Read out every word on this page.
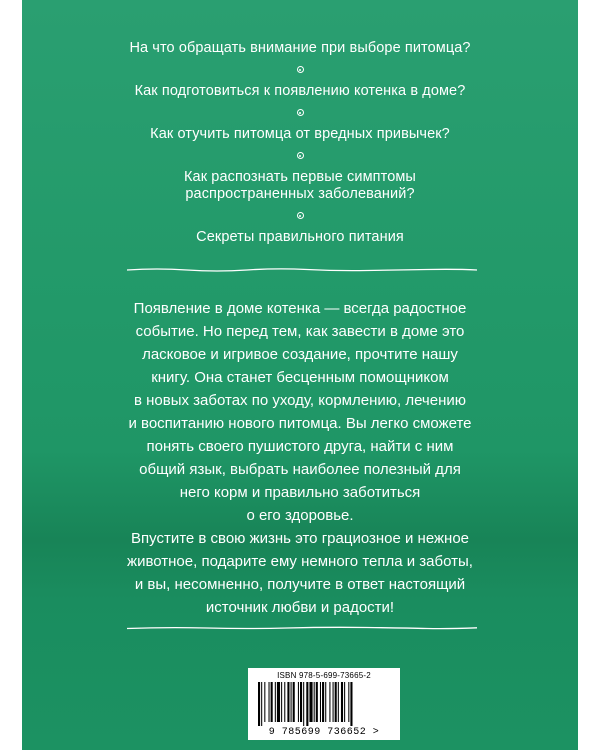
На что обращать внимание при выборе питомца?
Как подготовиться к появлению котенка в доме?
Как отучить питомца от вредных привычек?
Как распознать первые симптомы
распространенных заболеваний?
Секреты правильного питания
Появление в доме котенка — всегда радостное
событие. Но перед тем, как завести в доме это
ласковое и игривое создание, прочтите нашу
книгу. Она станет бесценным помощником
в новых заботах по уходу, кормлению, лечению
и воспитанию нового питомца. Вы легко сможете
понять своего пушистого друга, найти с ним
общий язык, выбрать наиболее полезный для
него корм и правильно заботиться
о его здоровье.
Впустите в свою жизнь это грациозное и нежное
животное, подарите ему немного тепла и заботы,
и вы, несомненно, получите в ответ настоящий
источник любви и радости!
ISBN 978-5-699-73665-2
9 785699 736652 >
